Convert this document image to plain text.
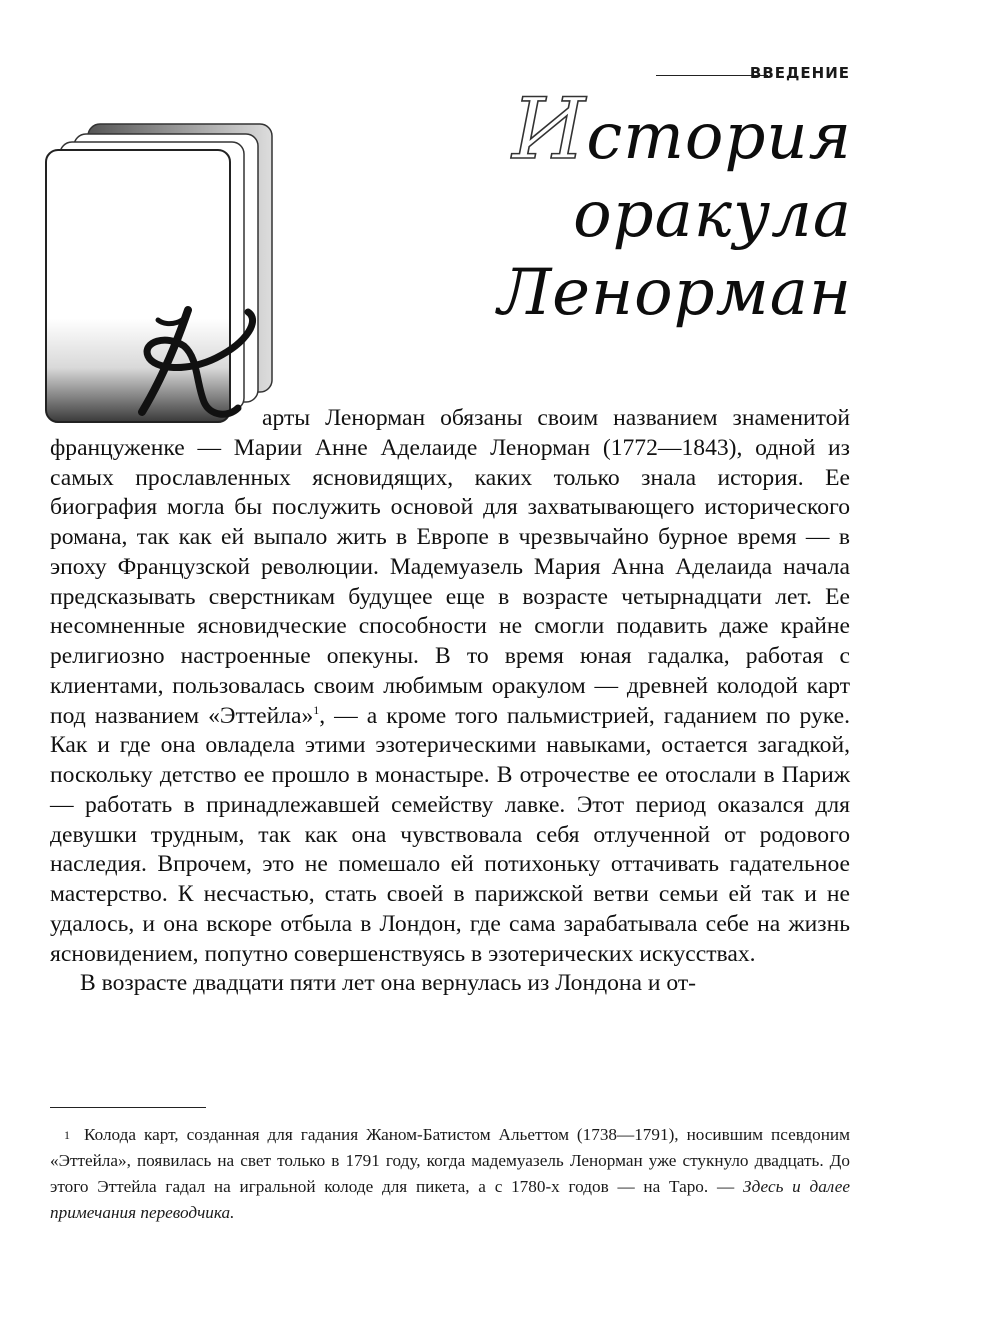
ВВЕДЕНИЕ
История
оракула
Ленорман

арты Ленорман обязаны своим названием знаменитой француженке — Марии Анне Аделаиде Ленорман (1772—1843), одной из самых прославленных ясновидящих, каких только знала история. Ее биография могла бы послужить основой для захватывающего исторического романа, так как ей выпало жить в Европе в чрезвычайно бурное время — в эпоху Французской революции. Мадемуазель Мария Анна Аделаида начала предсказывать сверстникам будущее еще в возрасте четырнадцати лет. Ее несомненные ясновидческие способности не смогли подавить даже крайне религиозно настроенные опекуны. В то время юная гадалка, работая с клиентами, пользовалась своим любимым оракулом — древней колодой карт под названием «Эттейла»$^1$, — а кроме того пальмистрией, гаданием по руке. Как и где она овладела этими эзотерическими навыками, остается загадкой, поскольку детство ее прошло в монастыре. В отрочестве ее отослали в Париж — работать в принадлежавшей семейству лавке. Этот период оказался для девушки трудным, так как она чувствовала себя отлученной от родового наследия. Впрочем, это не помешало ей потихоньку оттачивать гадательное мастерство. К несчастью, стать своей в парижской ветви семьи ей так и не удалось, и она вскоре отбыла в Лондон, где сама зарабатывала себе на жизнь ясновидением, попутно совершенствуясь в эзотерических искусствах.

В возрасте двадцати пяти лет она вернулась из Лондона и от-

1 Колода карт, созданная для гадания Жаном-Батистом Альеттом (1738—1791), носившим псевдоним «Эттейла», появилась на свет только в 1791 году, когда мадемуазель Ленорман уже стукнуло двадцать. До этого Эттейла гадал на игральной колоде для пикета, а с 1780-х годов — на Таро. — Здесь и далее примечания переводчика.
